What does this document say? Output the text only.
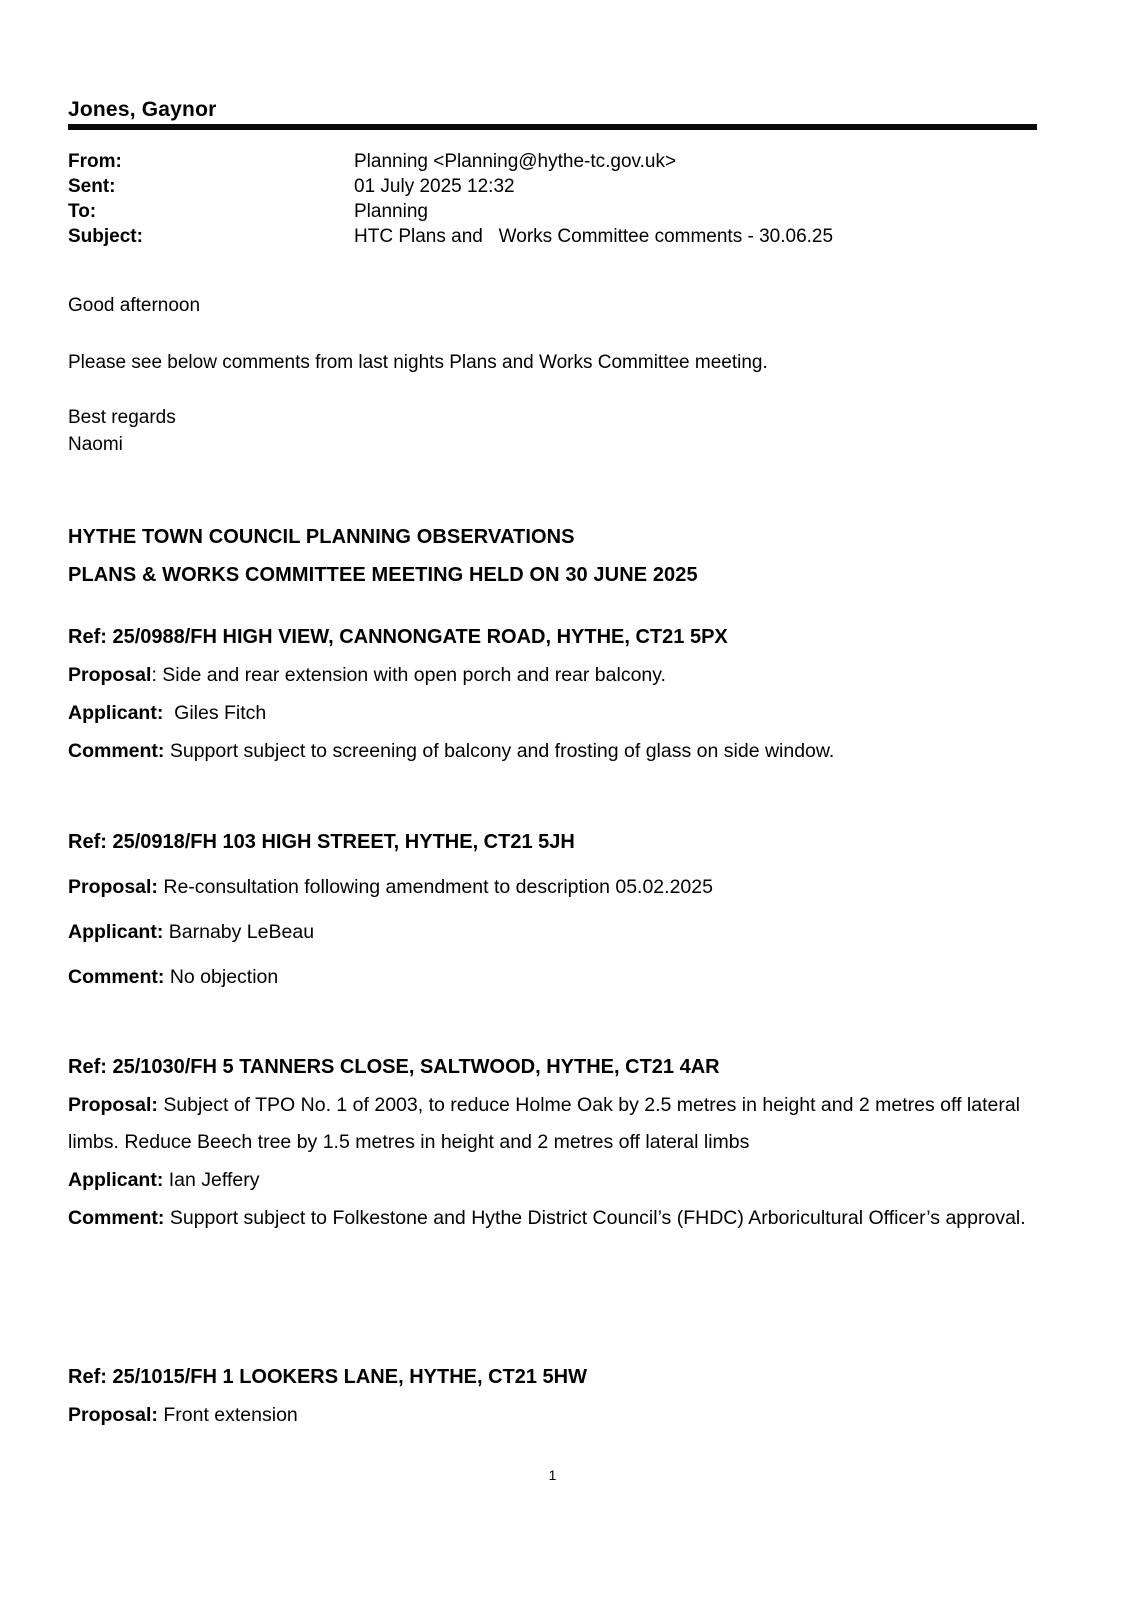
Jones, Gaynor
From:	Planning <Planning@hythe-tc.gov.uk>
Sent:	01 July 2025 12:32
To:	Planning
Subject:	HTC Plans and   Works Committee comments - 30.06.25

Good afternoon

Please see below comments from last nights Plans and Works Committee meeting.

Best regards

Naomi

HYTHE TOWN COUNCIL PLANNING OBSERVATIONS

PLANS & WORKS COMMITTEE MEETING HELD ON 30 JUNE 2025

Ref: 25/0988/FH HIGH VIEW, CANNONGATE ROAD, HYTHE, CT21 5PX

Proposal: Side and rear extension with open porch and rear balcony.

Applicant:  Giles Fitch

Comment: Support subject to screening of balcony and frosting of glass on side window.

Ref: 25/0918/FH 103 HIGH STREET, HYTHE, CT21 5JH

Proposal: Re-consultation following amendment to description 05.02.2025

Applicant: Barnaby LeBeau

Comment: No objection

Ref: 25/1030/FH 5 TANNERS CLOSE, SALTWOOD, HYTHE, CT21 4AR

Proposal: Subject of TPO No. 1 of 2003, to reduce Holme Oak by 2.5 metres in height and 2 metres off lateral limbs. Reduce Beech tree by 1.5 metres in height and 2 metres off lateral limbs

Applicant: Ian Jeffery

Comment: Support subject to Folkestone and Hythe District Council’s (FHDC) Arboricultural Officer’s approval.

Ref: 25/1015/FH 1 LOOKERS LANE, HYTHE, CT21 5HW

Proposal: Front extension

1
